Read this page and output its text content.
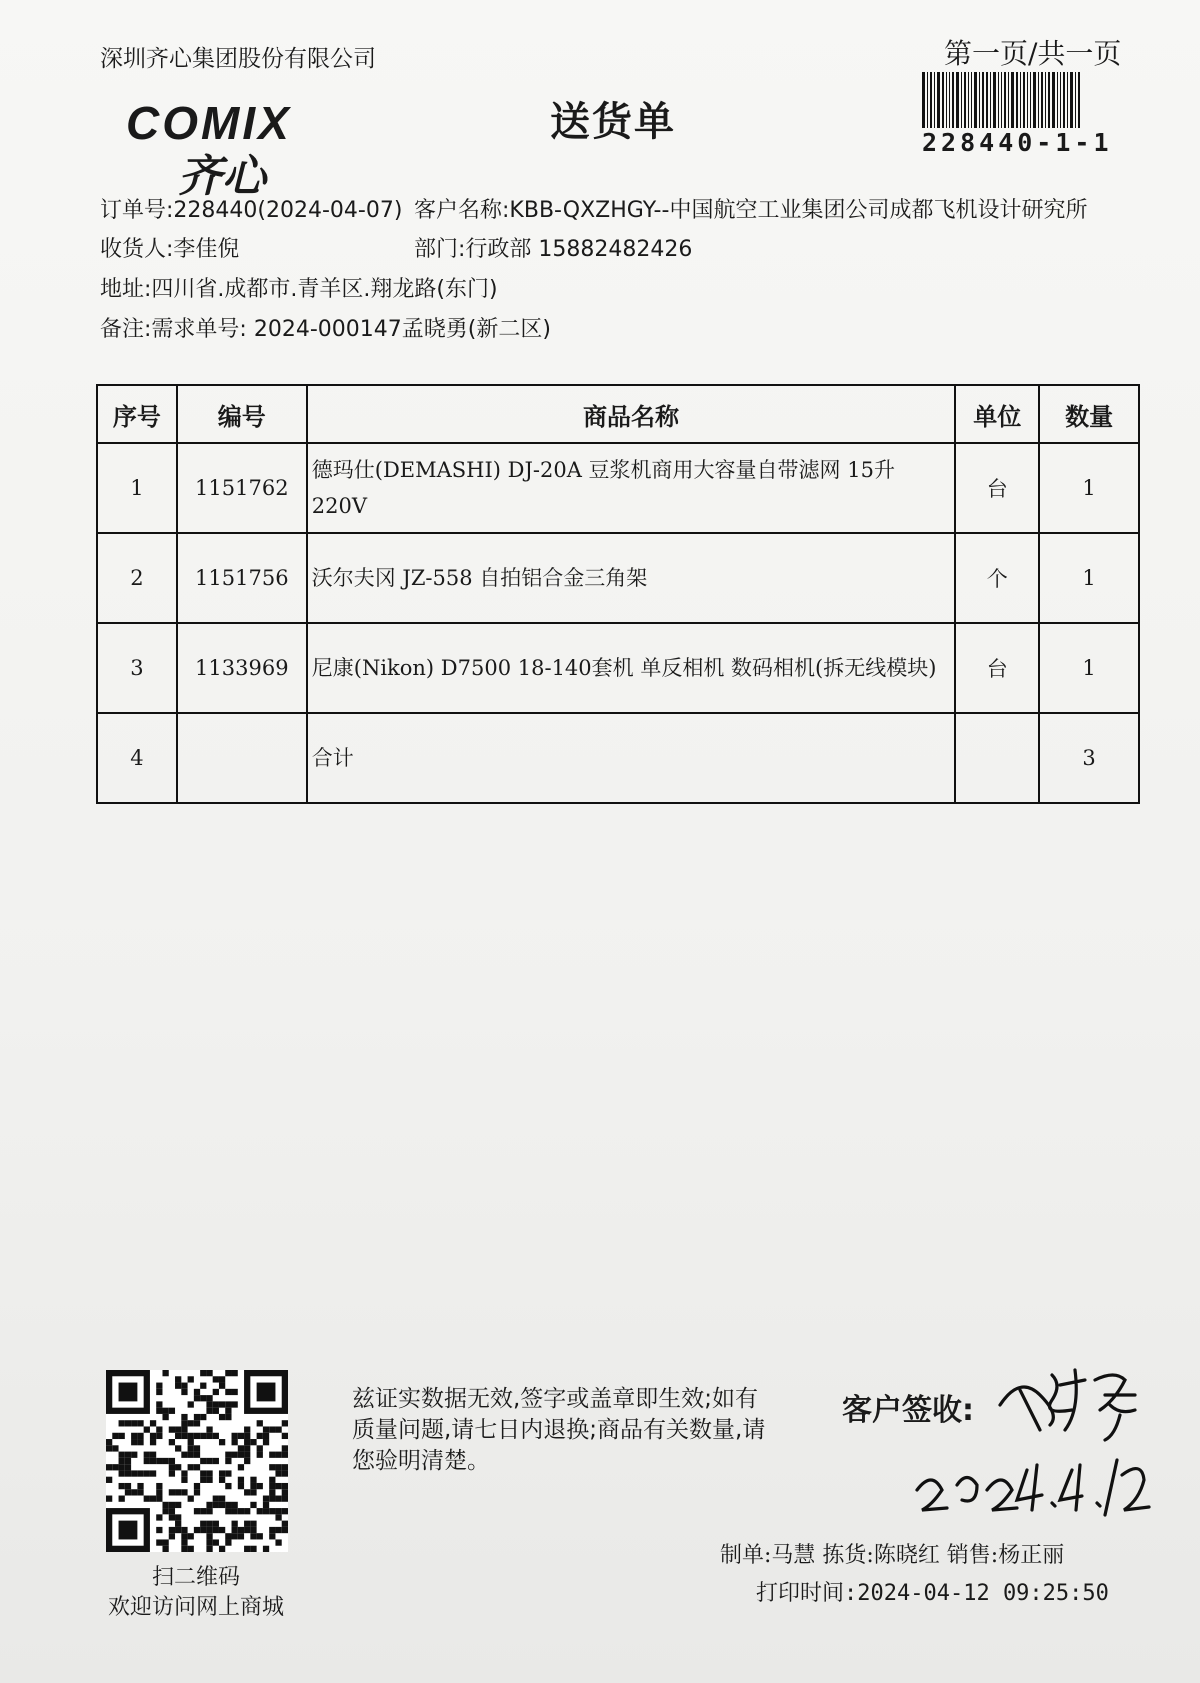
深圳齐心集团股份有限公司	第一页/共一页
228440-1-1
COMIX
齐心
送货单
订单号:228440(2024-04-07) 客户名称:KBB-QXZHGY--中国航空工业集团公司成都飞机设计研究所
收货人:李佳倪	部门:行政部 15882482426
地址:四川省.成都市.青羊区.翔龙路(东门)
备注:需求单号: 2024-000147孟晓勇(新二区)
序号	编号	商品名称	单位	数量
1	1151762	德玛仕(DEMASHI) DJ-20A 豆浆机商用大容量自带滤网 15升 220V	台	1
2	1151756	沃尔夫冈 JZ-558 自拍铝合金三角架	个	1
3	1133969	尼康(Nikon) D7500 18-140套机 单反相机 数码相机(拆无线模块)	台	1
4		合计		3
扫二维码
欢迎访问网上商城
兹证实数据无效,签字或盖章即生效;如有质量问题,请七日内退换;商品有关数量,请您验明清楚。
客户签收:
制单:马慧 拣货:陈晓红 销售:杨正丽
打印时间:2024-04-12 09:25:50
